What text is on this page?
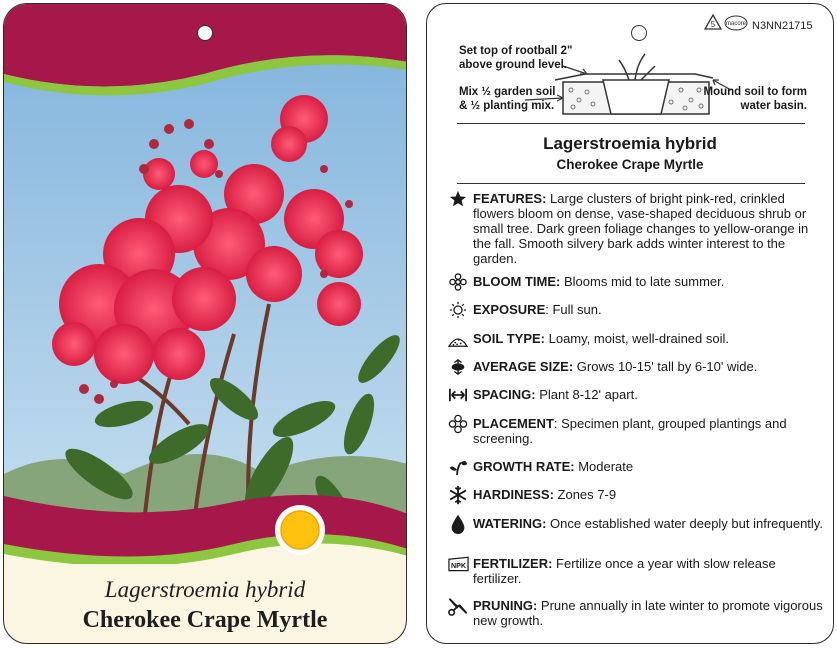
Lagerstroemia hybrid
Cherokee Crape Myrtle
5 macore N3NN21715
Set top of rootball 2"
above ground level.
Mix ½ garden soil
& ½ planting mix.
Mound soil to form
water basin.
Lagerstroemia hybrid
Cherokee Crape Myrtle
FEATURES: Large clusters of bright pink-red, crinkled flowers bloom on dense, vase-shaped deciduous shrub or small tree. Dark green foliage changes to yellow-orange in the fall. Smooth silvery bark adds winter interest to the garden.
BLOOM TIME: Blooms mid to late summer.
EXPOSURE: Full sun.
SOIL TYPE: Loamy, moist, well-drained soil.
AVERAGE SIZE: Grows 10-15' tall by 6-10' wide.
SPACING: Plant 8-12' apart.
PLACEMENT: Specimen plant, grouped plantings and screening.
GROWTH RATE: Moderate
HARDINESS: Zones 7-9
WATERING: Once established water deeply but infrequently.
NPK FERTILIZER: Fertilize once a year with slow release fertilizer.
PRUNING: Prune annually in late winter to promote vigorous new growth.
